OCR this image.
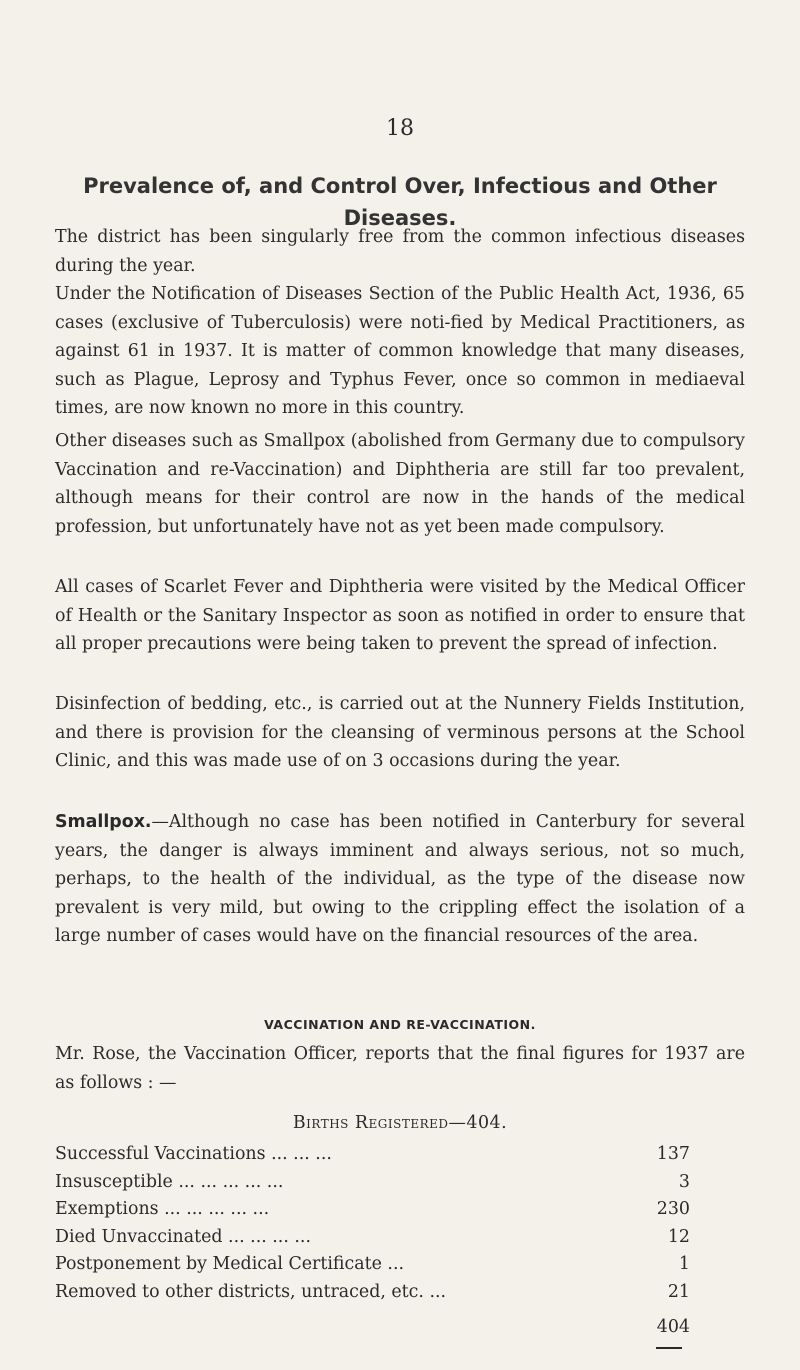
18
Prevalence of, and Control Over, Infectious and Other Diseases.

The district has been singularly free from the common infectious diseases during the year.

Under the Notification of Diseases Section of the Public Health Act, 1936, 65 cases (exclusive of Tuberculosis) were noti-fied by Medical Practitioners, as against 61 in 1937. It is matter of common knowledge that many diseases, such as Plague, Leprosy and Typhus Fever, once so common in mediaeval times, are now known no more in this country.

Other diseases such as Smallpox (abolished from Germany due to compulsory Vaccination and re-Vaccination) and Diphtheria are still far too prevalent, although means for their control are now in the hands of the medical profession, but unfortunately have not as yet been made compulsory.

All cases of Scarlet Fever and Diphtheria were visited by the Medical Officer of Health or the Sanitary Inspector as soon as notified in order to ensure that all proper precautions were being taken to prevent the spread of infection.

Disinfection of bedding, etc., is carried out at the Nunnery Fields Institution, and there is provision for the cleansing of verminous persons at the School Clinic, and this was made use of on 3 occasions during the year.

Smallpox.—Although no case has been notified in Canterbury for several years, the danger is always imminent and always serious, not so much, perhaps, to the health of the individual, as the type of the disease now prevalent is very mild, but owing to the crippling effect the isolation of a large number of cases would have on the financial resources of the area.

VACCINATION AND RE-VACCINATION.

Mr. Rose, the Vaccination Officer, reports that the final figures for 1937 are as follows : —

Births Registered—404.
Successful Vaccinations ... ... ...	137
Insusceptible ... ... ... ... ...	3
Exemptions ... ... ... ... ...	230
Died Unvaccinated ... ... ... ...	12
Postponement by Medical Certificate ...	1
Removed to other districts, untraced, etc. ...	21
404
